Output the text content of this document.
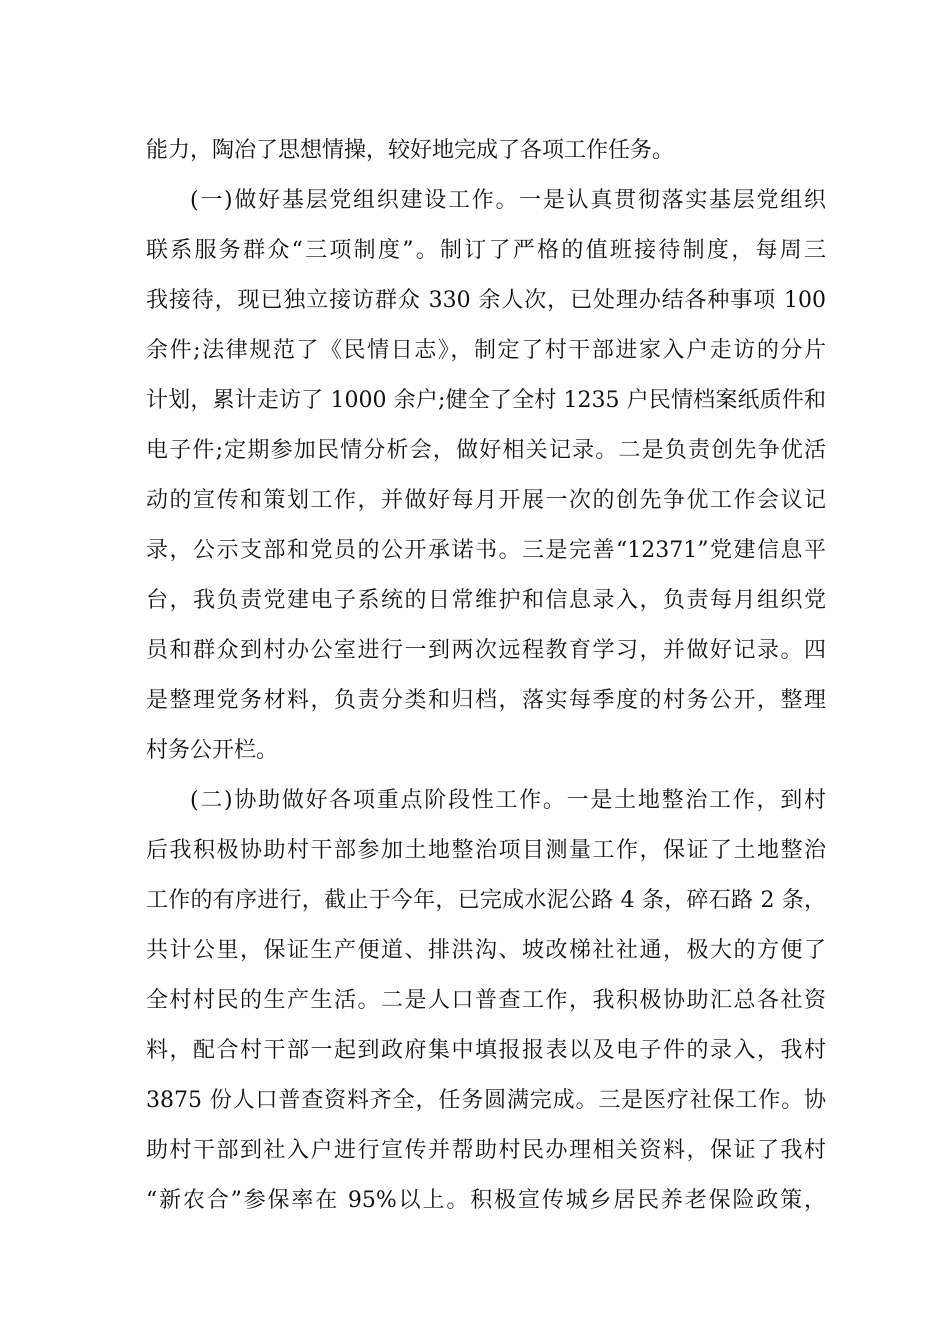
能力，陶冶了思想情操，较好地完成了各项工作任务。
(一)做好基层党组织建设工作。一是认真贯彻落实基层党组织
联系服务群众“三项制度”。制订了严格的值班接待制度，每周三
我接待，现已独立接访群众 330 余人次，已处理办结各种事项 100
余件;法律规范了《民情日志》，制定了村干部进家入户走访的分片
计划，累计走访了 1000 余户;健全了全村 1235 户民情档案纸质件和
电子件;定期参加民情分析会，做好相关记录。二是负责创先争优活
动的宣传和策划工作，并做好每月开展一次的创先争优工作会议记
录，公示支部和党员的公开承诺书。三是完善“12371”党建信息平
台，我负责党建电子系统的日常维护和信息录入，负责每月组织党
员和群众到村办公室进行一到两次远程教育学习，并做好记录。四
是整理党务材料，负责分类和归档，落实每季度的村务公开，整理
村务公开栏。
(二)协助做好各项重点阶段性工作。一是土地整治工作，到村
后我积极协助村干部参加土地整治项目测量工作，保证了土地整治
工作的有序进行，截止于今年，已完成水泥公路 4 条，碎石路 2 条，
共计公里，保证生产便道、排洪沟、坡改梯社社通，极大的方便了
全村村民的生产生活。二是人口普查工作，我积极协助汇总各社资
料，配合村干部一起到政府集中填报报表以及电子件的录入，我村
3875 份人口普查资料齐全，任务圆满完成。三是医疗社保工作。协
助村干部到社入户进行宣传并帮助村民办理相关资料，保证了我村
“新农合”参保率在 95%以上。积极宣传城乡居民养老保险政策，
